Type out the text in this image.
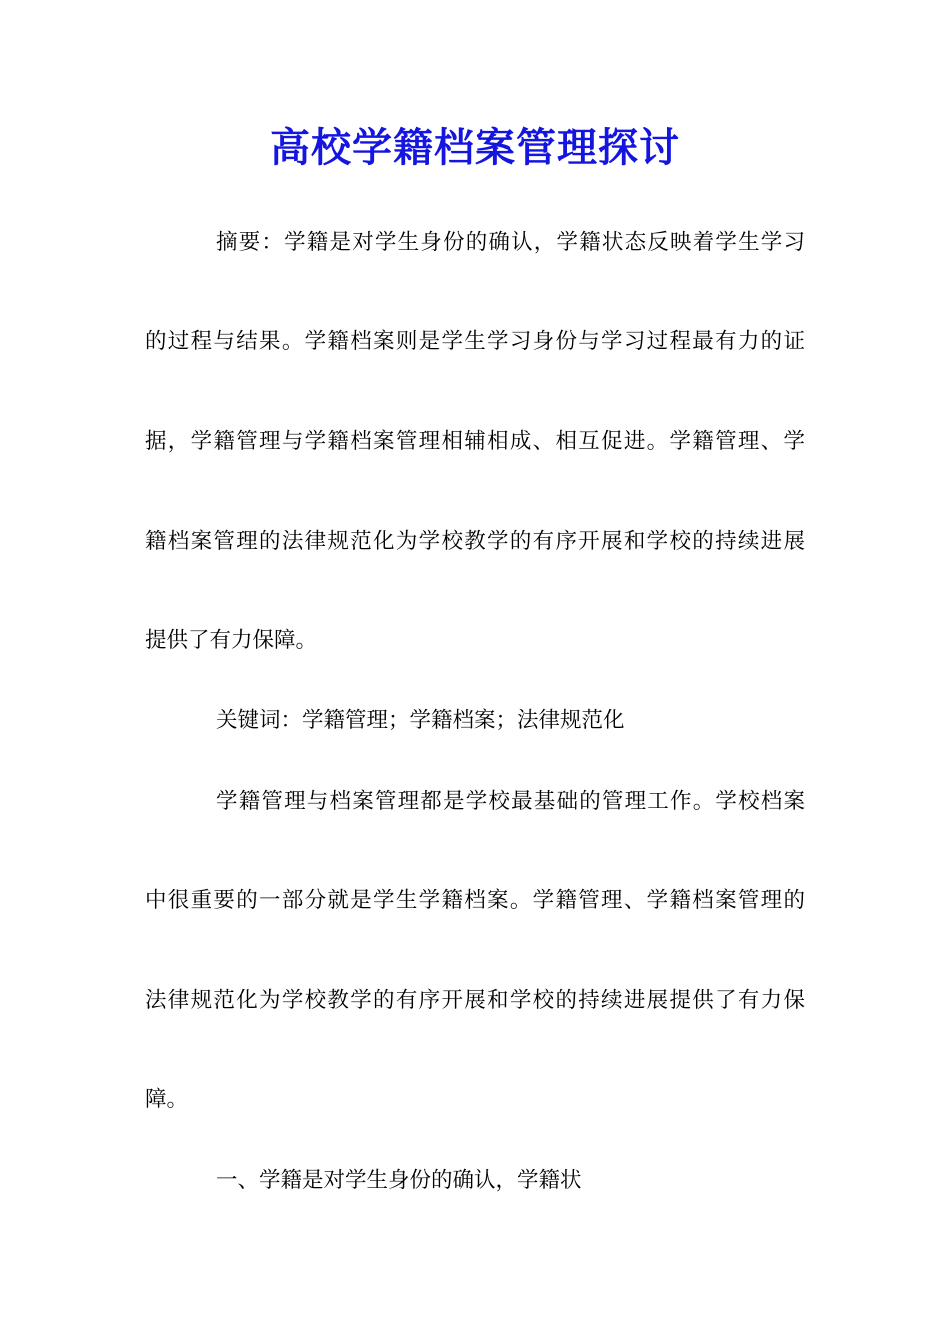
高校学籍档案管理探讨
摘要：学籍是对学生身份的确认，学籍状态反映着学生学习
的过程与结果。学籍档案则是学生学习身份与学习过程最有力的证
据，学籍管理与学籍档案管理相辅相成、相互促进。学籍管理、学
籍档案管理的法律规范化为学校教学的有序开展和学校的持续进展
提供了有力保障。
关键词：学籍管理；学籍档案；法律规范化
学籍管理与档案管理都是学校最基础的管理工作。学校档案
中很重要的一部分就是学生学籍档案。学籍管理、学籍档案管理的
法律规范化为学校教学的有序开展和学校的持续进展提供了有力保
障。
一、学籍是对学生身份的确认，学籍状
